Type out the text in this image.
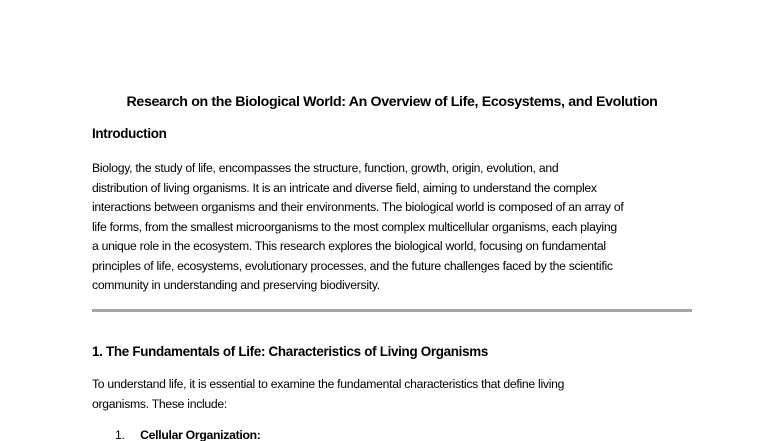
Research on the Biological World: An Overview of Life, Ecosystems, and Evolution
Introduction
Biology, the study of life, encompasses the structure, function, growth, origin, evolution, and
distribution of living organisms. It is an intricate and diverse field, aiming to understand the complex
interactions between organisms and their environments. The biological world is composed of an array of
life forms, from the smallest microorganisms to the most complex multicellular organisms, each playing
a unique role in the ecosystem. This research explores the biological world, focusing on fundamental
principles of life, ecosystems, evolutionary processes, and the future challenges faced by the scientific
community in understanding and preserving biodiversity.
1. The Fundamentals of Life: Characteristics of Living Organisms
To understand life, it is essential to examine the fundamental characteristics that define living
organisms. These include:
1. Cellular Organization:
